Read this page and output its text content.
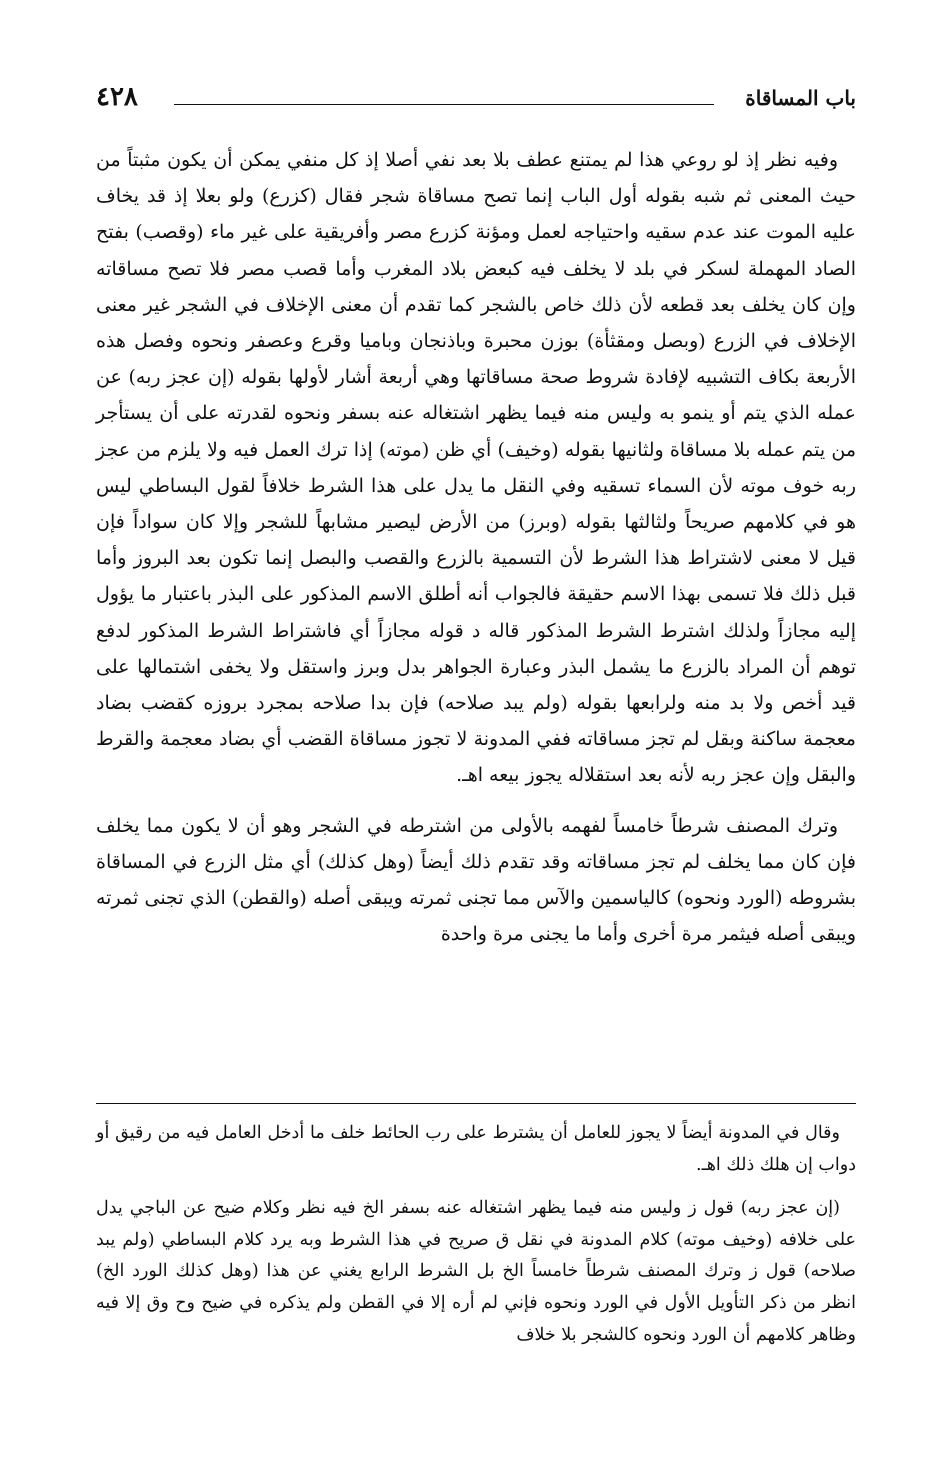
باب المساقاة
٤٢٨

وفيه نظر إذ لو روعي هذا لم يمتنع عطف بلا بعد نفي أصلا إذ كل منفي يمكن أن يكون مثبتاً من حيث المعنى ثم شبه بقوله أول الباب إنما تصح مساقاة شجر فقال (كزرع) ولو بعلا إذ قد يخاف عليه الموت عند عدم سقيه واحتياجه لعمل ومؤنة كزرع مصر وأفريقية على غير ماء (وقصب) بفتح الصاد المهملة لسكر في بلد لا يخلف فيه كبعض بلاد المغرب وأما قصب مصر فلا تصح مساقاته وإن كان يخلف بعد قطعه لأن ذلك خاص بالشجر كما تقدم أن معنى الإخلاف في الشجر غير معنى الإخلاف في الزرع (وبصل ومقثأة) بوزن محبرة وباذنجان وباميا وقرع وعصفر ونحوه وفصل هذه الأربعة بكاف التشبيه لإفادة شروط صحة مساقاتها وهي أربعة أشار لأولها بقوله (إن عجز ربه) عن عمله الذي يتم أو ينمو به وليس منه فيما يظهر اشتغاله عنه بسفر ونحوه لقدرته على أن يستأجر من يتم عمله بلا مساقاة ولثانيها بقوله (وخيف) أي ظن (موته) إذا ترك العمل فيه ولا يلزم من عجز ربه خوف موته لأن السماء تسقيه وفي النقل ما يدل على هذا الشرط خلافاً لقول البساطي ليس هو في كلامهم صريحاً ولثالثها بقوله (وبرز) من الأرض ليصير مشابهاً للشجر وإلا كان سواداً فإن قيل لا معنى لاشتراط هذا الشرط لأن التسمية بالزرع والقصب والبصل إنما تكون بعد البروز وأما قبل ذلك فلا تسمى بهذا الاسم حقيقة فالجواب أنه أطلق الاسم المذكور على البذر باعتبار ما يؤول إليه مجازاً ولذلك اشترط الشرط المذكور قاله د قوله مجازاً أي فاشتراط الشرط المذكور لدفع توهم أن المراد بالزرع ما يشمل البذر وعبارة الجواهر بدل وبرز واستقل ولا يخفى اشتمالها على قيد أخص ولا بد منه ولرابعها بقوله (ولم يبد صلاحه) فإن بدا صلاحه بمجرد بروزه كقضب بضاد معجمة ساكنة وبقل لم تجز مساقاته ففي المدونة لا تجوز مساقاة القضب أي بضاد معجمة والقرط والبقل وإن عجز ربه لأنه بعد استقلاله يجوز بيعه اهـ.

وترك المصنف شرطاً خامساً لفهمه بالأولى من اشترطه في الشجر وهو أن لا يكون مما يخلف فإن كان مما يخلف لم تجز مساقاته وقد تقدم ذلك أيضاً (وهل كذلك) أي مثل الزرع في المساقاة بشروطه (الورد ونحوه) كالياسمين والآس مما تجنى ثمرته ويبقى أصله (والقطن) الذي تجنى ثمرته ويبقى أصله فيثمر مرة أخرى وأما ما يجنى مرة واحدة

وقال في المدونة أيضاً لا يجوز للعامل أن يشترط على رب الحائط خلف ما أدخل العامل فيه من رقيق أو دواب إن هلك ذلك اهـ.

(إن عجز ربه) قول ز وليس منه فيما يظهر اشتغاله عنه بسفر الخ فيه نظر وكلام ضيح عن الباجي يدل على خلافه (وخيف موته) كلام المدونة في نقل ق صريح في هذا الشرط وبه يرد كلام البساطي (ولم يبد صلاحه) قول ز وترك المصنف شرطاً خامساً الخ بل الشرط الرابع يغني عن هذا (وهل كذلك الورد الخ) انظر من ذكر التأويل الأول في الورد ونحوه فإني لم أره إلا في القطن ولم يذكره في ضيح وح وق إلا فيه وظاهر كلامهم أن الورد ونحوه كالشجر بلا خلاف
